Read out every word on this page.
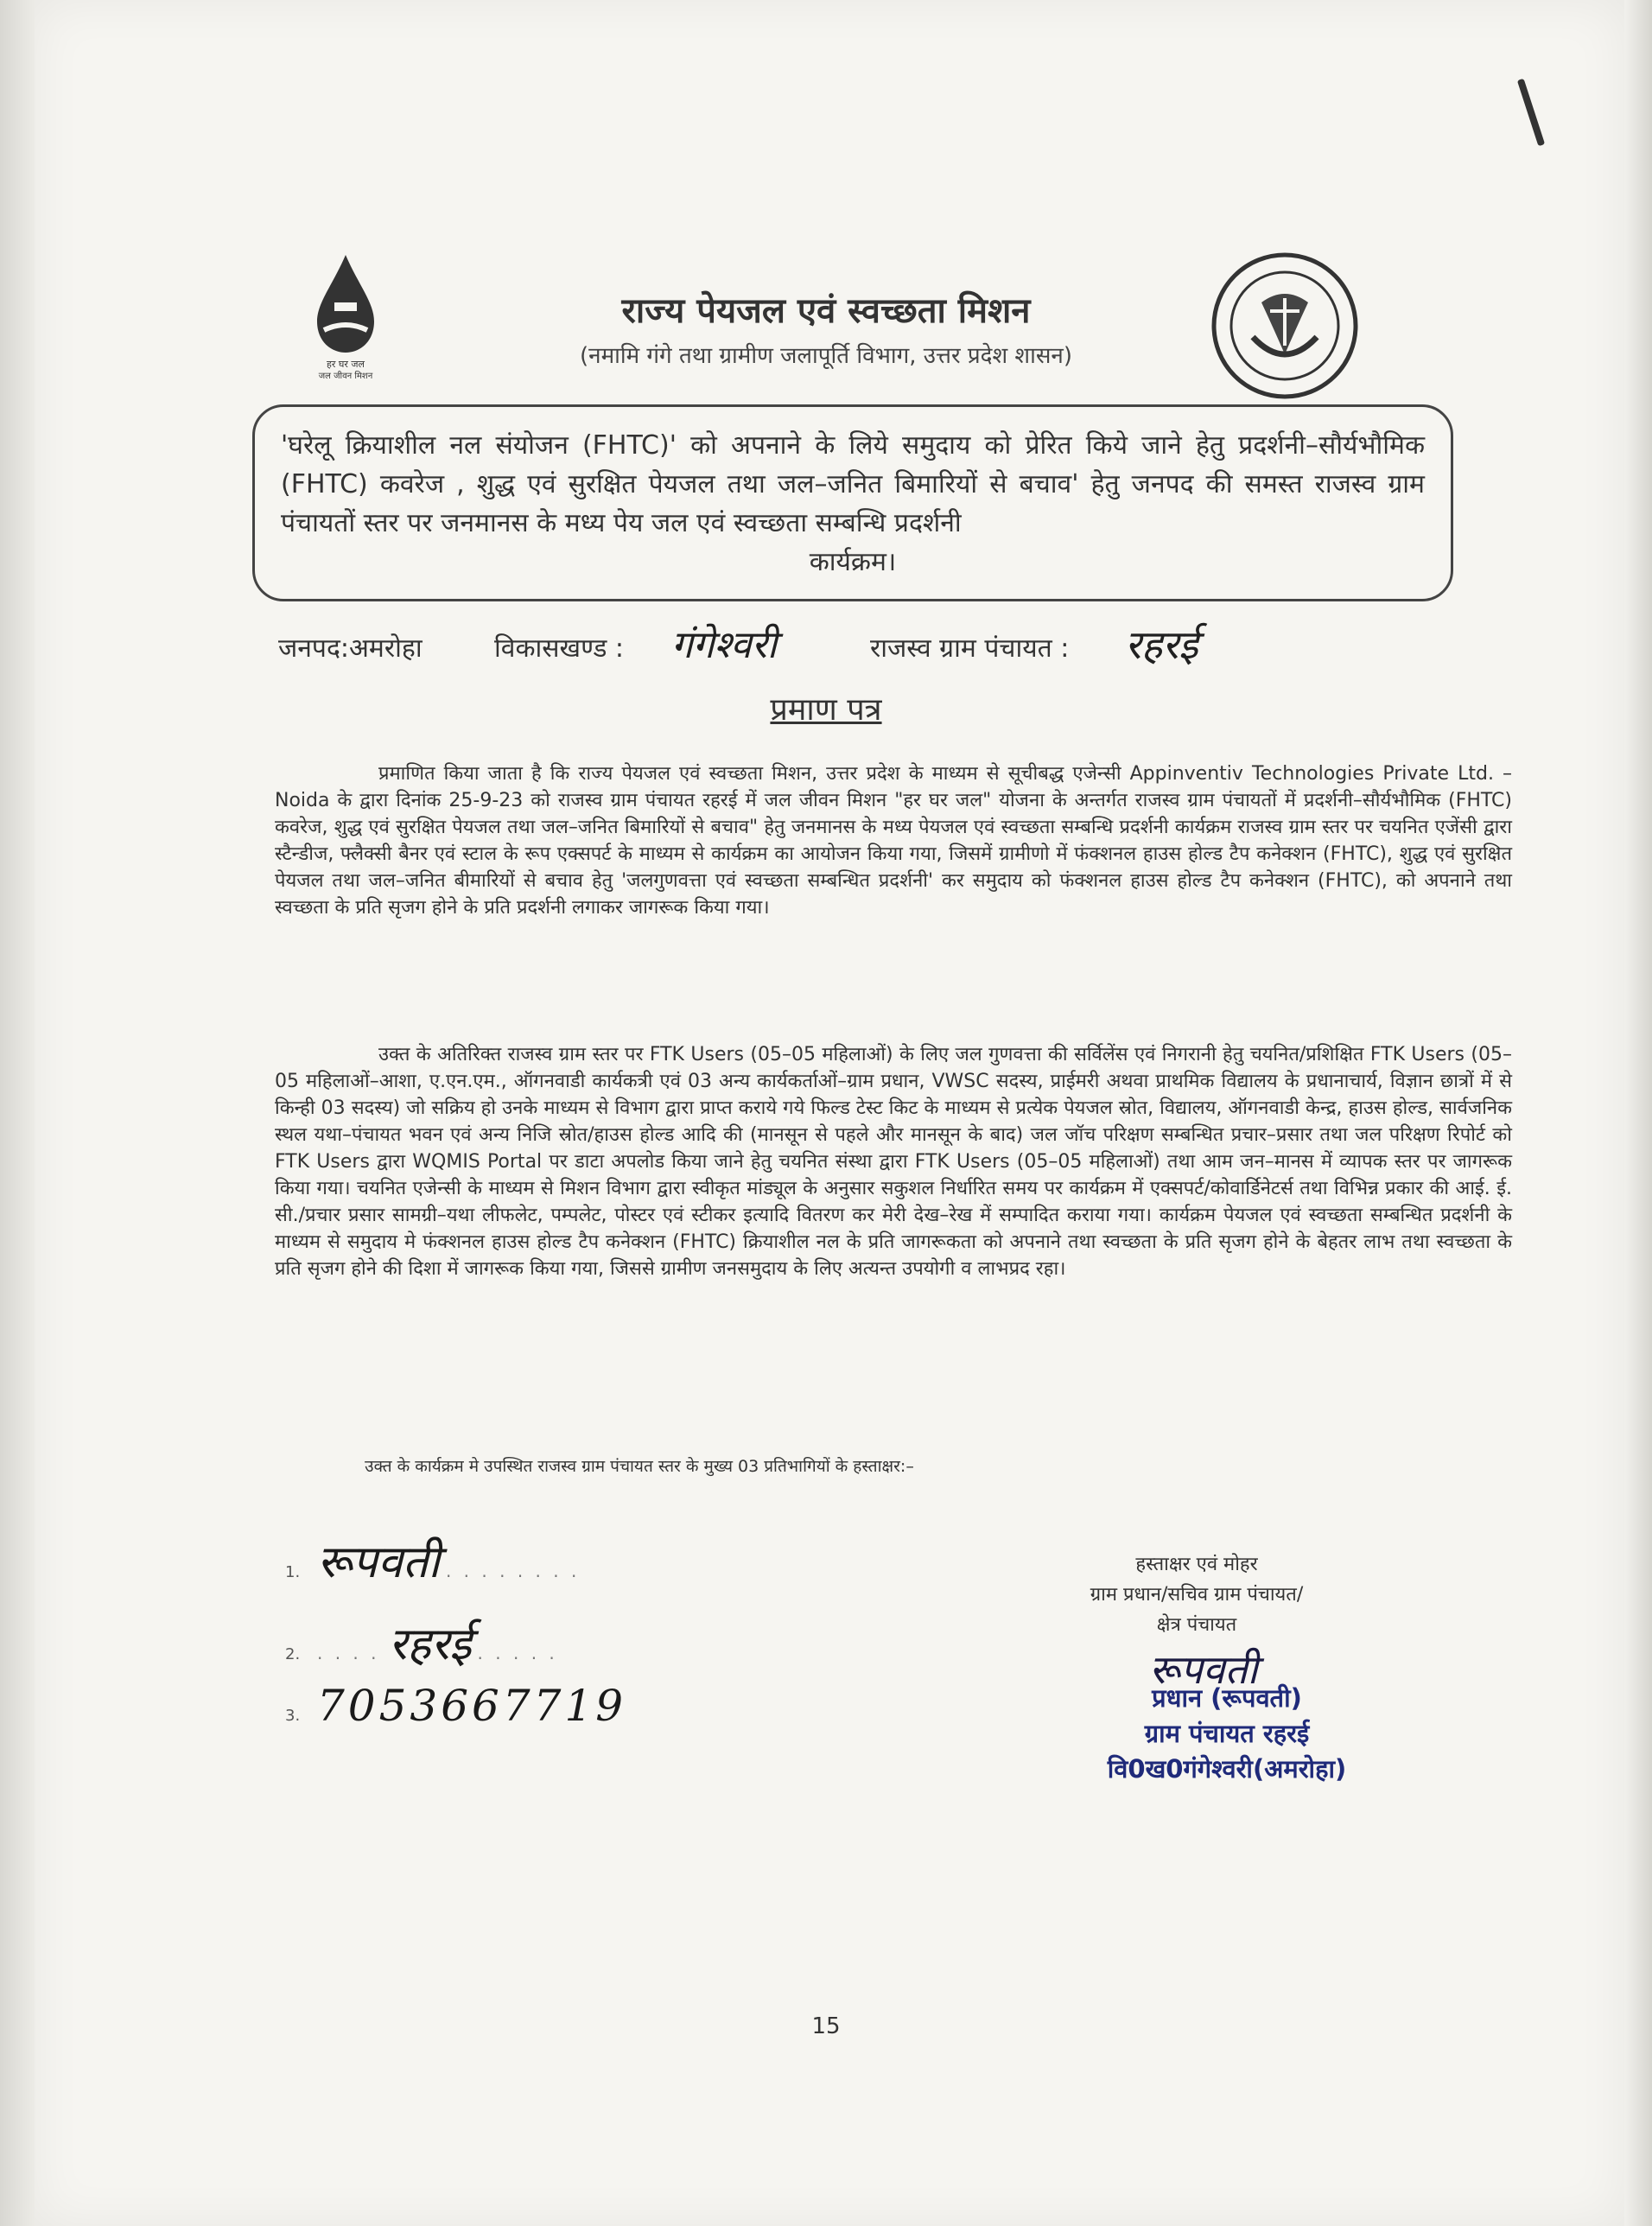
हर घर जल
जल जीवन मिशन
राज्य पेयजल एवं स्वच्छता मिशन
(नमामि गंगे तथा ग्रामीण जलापूर्ति विभाग, उत्तर प्रदेश शासन)
'घरेलू क्रियाशील नल संयोजन (FHTC)' को अपनाने के लिये समुदाय को प्रेरित किये जाने हेतु प्रदर्शनी–सौर्यभौमिक (FHTC) कवरेज , शुद्ध एवं सुरक्षित पेयजल तथा जल–जनित बिमारियों से बचाव' हेतु जनपद की समस्त राजस्व ग्राम पंचायतों स्तर पर जनमानस के मध्य पेय जल एवं स्वच्छता सम्बन्धि प्रदर्शनी
कार्यक्रम।
जनपद:अमरोहा	विकासखण्ड : गंगेश्वरी	राजस्व ग्राम पंचायत : रहरई
प्रमाण पत्र
प्रमाणित किया जाता है कि राज्य पेयजल एवं स्वच्छता मिशन, उत्तर प्रदेश के माध्यम से सूचीबद्ध एजेन्सी Appinventiv Technologies Private Ltd. – Noida के द्वारा दिनांक 25-9-23 को राजस्व ग्राम पंचायत रहरई में जल जीवन मिशन "हर घर जल" योजना के अन्तर्गत राजस्व ग्राम पंचायतों में प्रदर्शनी–सौर्यभौमिक (FHTC) कवरेज, शुद्ध एवं सुरक्षित पेयजल तथा जल–जनित बिमारियों से बचाव" हेतु जनमानस के मध्य पेयजल एवं स्वच्छता सम्बन्धि प्रदर्शनी कार्यक्रम राजस्व ग्राम स्तर पर चयनित एजेंसी द्वारा स्टैन्डीज, फ्लैक्सी बैनर एवं स्टाल के रूप एक्सपर्ट के माध्यम से कार्यक्रम का आयोजन किया गया, जिसमें ग्रामीणो में फंक्शनल हाउस होल्ड टैप कनेक्शन (FHTC), शुद्ध एवं सुरक्षित पेयजल तथा जल–जनित बीमारियों से बचाव हेतु 'जलगुणवत्ता एवं स्वच्छता सम्बन्धित प्रदर्शनी' कर समुदाय को फंक्शनल हाउस होल्ड टैप कनेक्शन (FHTC), को अपनाने तथा स्वच्छता के प्रति सृजग होने के प्रति प्रदर्शनी लगाकर जागरूक किया गया।
उक्त के अतिरिक्त राजस्व ग्राम स्तर पर FTK Users (05–05 महिलाओं) के लिए जल गुणवत्ता की सर्विलेंस एवं निगरानी हेतु चयनित/प्रशिक्षित FTK Users (05–05 महिलाओं–आशा, ए.एन.एम., ऑगनवाडी कार्यकत्री एवं 03 अन्य कार्यकर्ताओं–ग्राम प्रधान, VWSC सदस्य, प्राईमरी अथवा प्राथमिक विद्यालय के प्रधानाचार्य, विज्ञान छात्रों में से किन्ही 03 सदस्य) जो सक्रिय हो उनके माध्यम से विभाग द्वारा प्राप्त कराये गये फिल्ड टेस्ट किट के माध्यम से प्रत्येक पेयजल स्रोत, विद्यालय, ऑगनवाडी केन्द्र, हाउस होल्ड, सार्वजनिक स्थल यथा–पंचायत भवन एवं अन्य निजि स्रोत/हाउस होल्ड आदि की (मानसून से पहले और मानसून के बाद) जल जॉच परिक्षण सम्बन्धित प्रचार–प्रसार तथा जल परिक्षण रिपोर्ट को FTK Users द्वारा WQMIS Portal पर डाटा अपलोड किया जाने हेतु चयनित संस्था द्वारा FTK Users (05–05 महिलाओं) तथा आम जन–मानस में व्यापक स्तर पर जागरूक किया गया। चयनित एजेन्सी के माध्यम से मिशन विभाग द्वारा स्वीकृत मांड्यूल के अनुसार सकुशल निर्धारित समय पर कार्यक्रम में एक्सपर्ट/कोवार्डिनेटर्स तथा विभिन्न प्रकार की आई. ई. सी./प्रचार प्रसार सामग्री–यथा लीफलेट, पम्पलेट, पोस्टर एवं स्टीकर इत्यादि वितरण कर मेरी देख–रेख में सम्पादित कराया गया। कार्यक्रम पेयजल एवं स्वच्छता सम्बन्धित प्रदर्शनी के माध्यम से समुदाय मे फंक्शनल हाउस होल्ड टैप कनेक्शन (FHTC) क्रियाशील नल के प्रति जागरूकता को अपनाने तथा स्वच्छता के प्रति सृजग होने के बेहतर लाभ तथा स्वच्छता के प्रति सृजग होने की दिशा में जागरूक किया गया, जिससे ग्रामीण जनसमुदाय के लिए अत्यन्त उपयोगी व लाभप्रद रहा।
उक्त के कार्यक्रम मे उपस्थित राजस्व ग्राम पंचायत स्तर के मुख्य 03 प्रतिभागियों के हस्ताक्षर:–
1. रूपवती . . . . . . . .
2. . . . . रहरई . . . . .
3. 7053667719
हस्ताक्षर एवं मोहर
ग्राम प्रधान/सचिव ग्राम पंचायत/
क्षेत्र पंचायत
रूपवती
प्रधान (रूपवती)
ग्राम पंचायत रहरई
वि0ख0गंगेश्वरी(अमरोहा)
15
